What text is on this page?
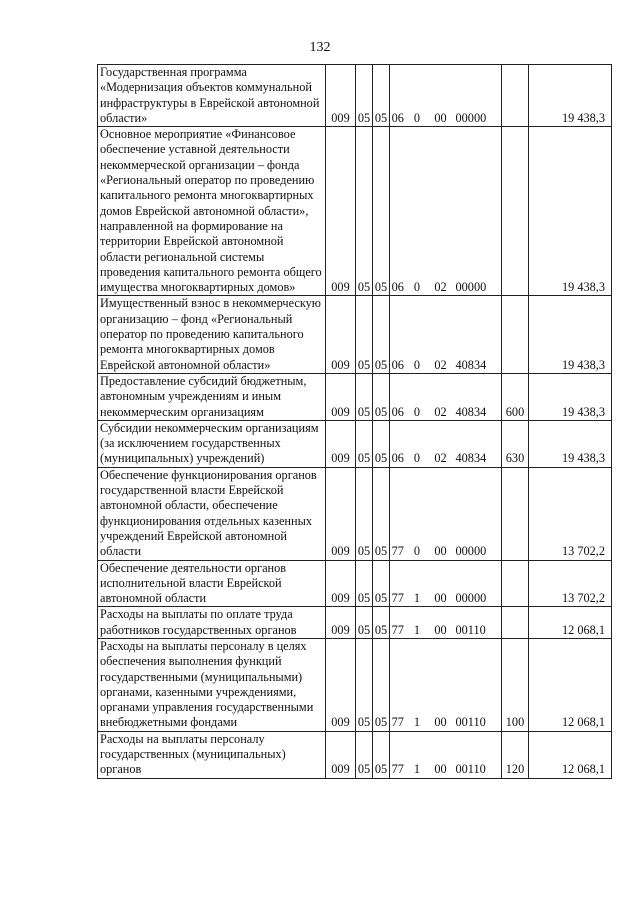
132
Государственная программа «Модернизация объектов коммунальной инфраструктуры в Еврейской автономной области»	009	05	05	06	0	00	00000		19 438,3
Основное мероприятие «Финансовое обеспечение уставной деятельности некоммерческой организации – фонда «Региональный оператор по проведению капитального ремонта многоквартирных домов Еврейской автономной области», направленной на формирование на территории Еврейской автономной области региональной системы проведения капитального ремонта общего имущества многоквартирных домов»	009	05	05	06	0	02	00000		19 438,3
Имущественный взнос в некоммерческую организацию – фонд «Региональный оператор по проведению капитального ремонта многоквартирных домов Еврейской автономной области»	009	05	05	06	0	02	40834		19 438,3
Предоставление субсидий бюджетным, автономным учреждениям и иным некоммерческим организациям	009	05	05	06	0	02	40834	600	19 438,3
Субсидии некоммерческим организациям (за исключением государственных (муниципальных) учреждений)	009	05	05	06	0	02	40834	630	19 438,3
Обеспечение функционирования органов государственной власти Еврейской автономной области, обеспечение функционирования отдельных казенных учреждений Еврейской автономной области	009	05	05	77	0	00	00000		13 702,2
Обеспечение деятельности органов исполнительной власти Еврейской автономной области	009	05	05	77	1	00	00000		13 702,2
Расходы на выплаты по оплате труда работников государственных органов	009	05	05	77	1	00	00110		12 068,1
Расходы на выплаты персоналу в целях обеспечения выполнения функций государственными (муниципальными) органами, казенными учреждениями, органами управления государственными внебюджетными фондами	009	05	05	77	1	00	00110	100	12 068,1
Расходы на выплаты персоналу государственных (муниципальных) органов	009	05	05	77	1	00	00110	120	12 068,1
